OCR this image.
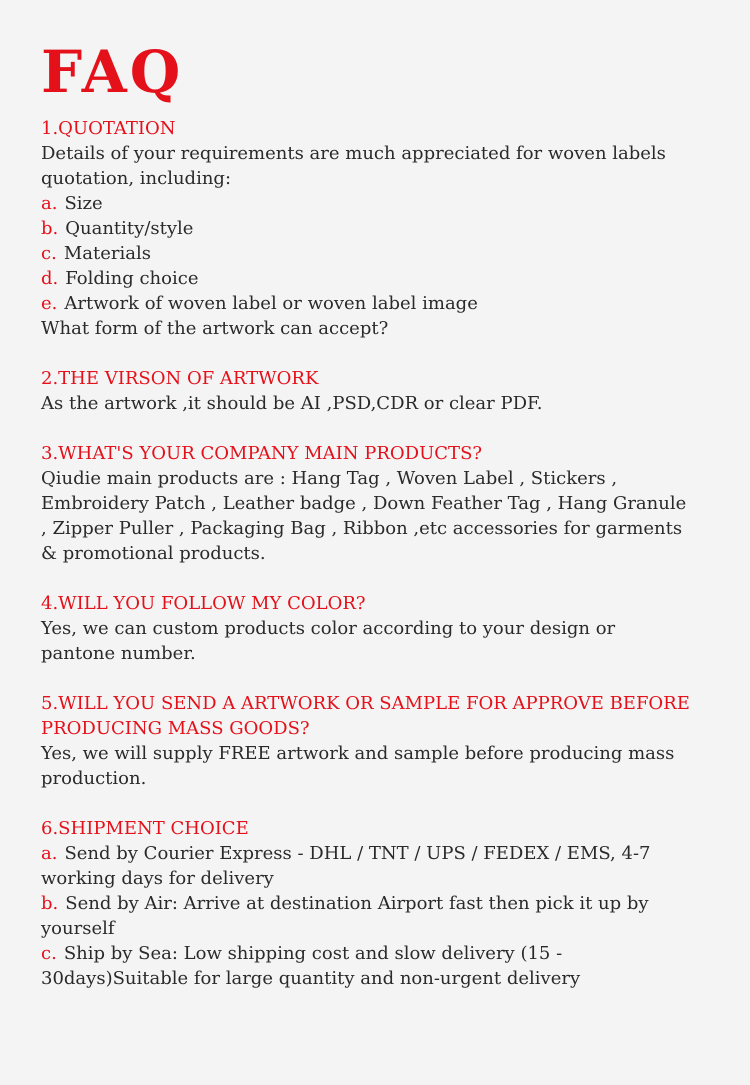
FAQ
1.QUOTATION
Details of your requirements are much appreciated for woven labels
quotation, including:
a. Size
b. Quantity/style
c. Materials
d. Folding choice
e. Artwork of woven label or woven label image
What form of the artwork can accept?
2.THE VIRSON OF ARTWORK
As the artwork ,it should be AI ,PSD,CDR or clear PDF.
3.WHAT'S YOUR COMPANY MAIN PRODUCTS?
Qiudie main products are : Hang Tag , Woven Label , Stickers ,
Embroidery Patch , Leather badge , Down Feather Tag , Hang Granule
, Zipper Puller , Packaging Bag , Ribbon ,etc accessories for garments
& promotional products.
4.WILL YOU FOLLOW MY COLOR?
Yes, we can custom products color according to your design or
pantone number.
5.WILL YOU SEND A ARTWORK OR SAMPLE FOR APPROVE BEFORE
PRODUCING MASS GOODS?
Yes, we will supply FREE artwork and sample before producing mass
production.
6.SHIPMENT CHOICE
a. Send by Courier Express - DHL / TNT / UPS / FEDEX / EMS, 4-7
working days for delivery
b. Send by Air: Arrive at destination Airport fast then pick it up by
yourself
c. Ship by Sea: Low shipping cost and slow delivery (15 -
30days)Suitable for large quantity and non-urgent delivery
